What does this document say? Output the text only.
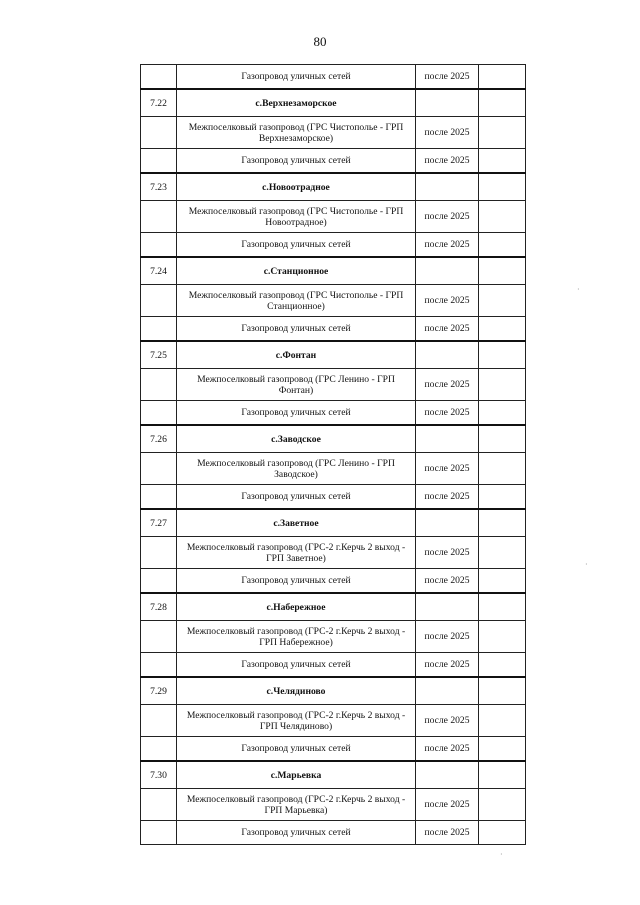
80
	Газопровод уличных сетей	после 2025	
7.22	с.Верхнезаморское		
	Межпоселковый газопровод (ГРС Чистополье - ГРП Верхнезаморское)	после 2025	
	Газопровод уличных сетей	после 2025	
7.23	с.Новоотрадное		
	Межпоселковый газопровод (ГРС Чистополье - ГРП Новоотрадное)	после 2025	
	Газопровод уличных сетей	после 2025	
7.24	с.Станционное		
	Межпоселковый газопровод (ГРС Чистополье - ГРП Станционное)	после 2025	
	Газопровод уличных сетей	после 2025	
7.25	с.Фонтан		
	Межпоселковый газопровод (ГРС Ленино - ГРП Фонтан)	после 2025	
	Газопровод уличных сетей	после 2025	
7.26	с.Заводское		
	Межпоселковый газопровод (ГРС Ленино - ГРП Заводское)	после 2025	
	Газопровод уличных сетей	после 2025	
7.27	с.Заветное		
	Межпоселковый газопровод (ГРС-2 г.Керчь 2 выход - ГРП Заветное)	после 2025	
	Газопровод уличных сетей	после 2025	
7.28	с.Набережное		
	Межпоселковый газопровод (ГРС-2 г.Керчь 2 выход - ГРП Набережное)	после 2025	
	Газопровод уличных сетей	после 2025	
7.29	с.Челядиново		
	Межпоселковый газопровод (ГРС-2 г.Керчь 2 выход - ГРП Челядиново)	после 2025	
	Газопровод уличных сетей	после 2025	
7.30	с.Марьевка		
	Межпоселковый газопровод (ГРС-2 г.Керчь 2 выход - ГРП Марьевка)	после 2025	
	Газопровод уличных сетей	после 2025	
·
·
·
